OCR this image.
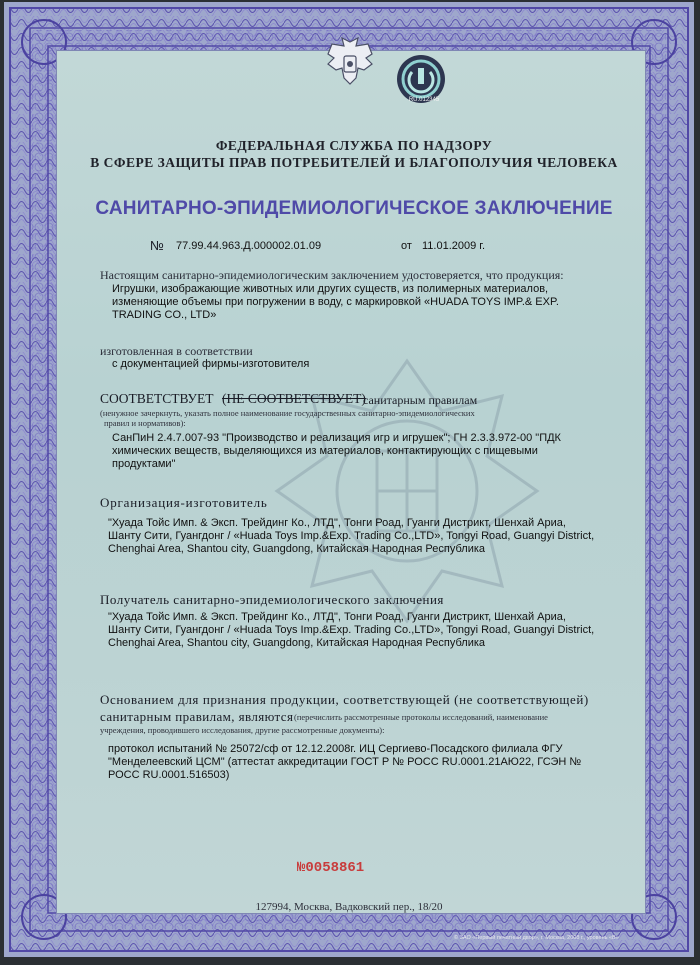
RU.012345
ФЕДЕРАЛЬНАЯ СЛУЖБА ПО НАДЗОРУ
В СФЕРЕ ЗАЩИТЫ ПРАВ ПОТРЕБИТЕЛЕЙ И БЛАГОПОЛУЧИЯ ЧЕЛОВЕКА
САНИТАРНО-ЭПИДЕМИОЛОГИЧЕСКОЕ ЗАКЛЮЧЕНИЕ
№ 77.99.44.963.Д.000002.01.09	от 11.01.2009 г.
Настоящим санитарно-эпидемиологическим заключением удостоверяется, что продукция:
Игрушки, изображающие животных или других существ, из полимерных материалов,
изменяющие объемы при погружении в воду, с маркировкой «HUADA TOYS IMP.& EXP.
TRADING CO., LTD»
изготовленная в соответствии
с документацией фирмы-изготовителя
СООТВЕТСТВУЕТ (НЕ СООТВЕТСТВУЕТ)
санитарным правилам
(ненужное зачеркнуть, указать полное наименование государственных санитарно-эпидемиологических
правил и нормативов):
СанПиН 2.4.7.007-93 "Производство и реализация игр и игрушек"; ГН 2.3.3.972-00 "ПДК
химических веществ, выделяющихся из материалов, контактирующих с пищевыми
продуктами"
Организация-изготовитель
"Хуада Тойс Имп. & Эксп. Трейдинг Ко., ЛТД", Тонги Роад, Гуанги Дистрикт, Шенхай Ариа,
Шанту Сити, Гуангдонг / «Huada Toys Imp.&Exp. Trading Co.,LTD», Tongyi Road, Guangyi District,
Chenghai Area, Shantou city, Guangdong, Китайская Народная Республика
Получатель санитарно-эпидемиологического заключения
"Хуада Тойс Имп. & Эксп. Трейдинг Ко., ЛТД", Тонги Роад, Гуанги Дистрикт, Шенхай Ариа,
Шанту Сити, Гуангдонг / «Huada Toys Imp.&Exp. Trading Co.,LTD», Tongyi Road, Guangyi District,
Chenghai Area, Shantou city, Guangdong, Китайская Народная Республика
Основанием для признания продукции, соответствующей (не соответствующей)
санитарным правилам, являются (перечислить рассмотренные протоколы исследований, наименование
учреждения, проводившего исследования, другие рассмотренные документы):
протокол испытаний № 25072/сф от 12.12.2008г. ИЦ Сергиево-Посадского филиала ФГУ
"Менделеевский ЦСМ" (аттестат аккредитации ГОСТ Р № РОСС RU.0001.21АЮ22, ГСЭН №
РОСС RU.0001.516503)
№0058861
127994, Москва, Вадковский пер., 18/20
© ЗАО «Первый печатный двор», г. Москва, 2008 г., уровень «В»
